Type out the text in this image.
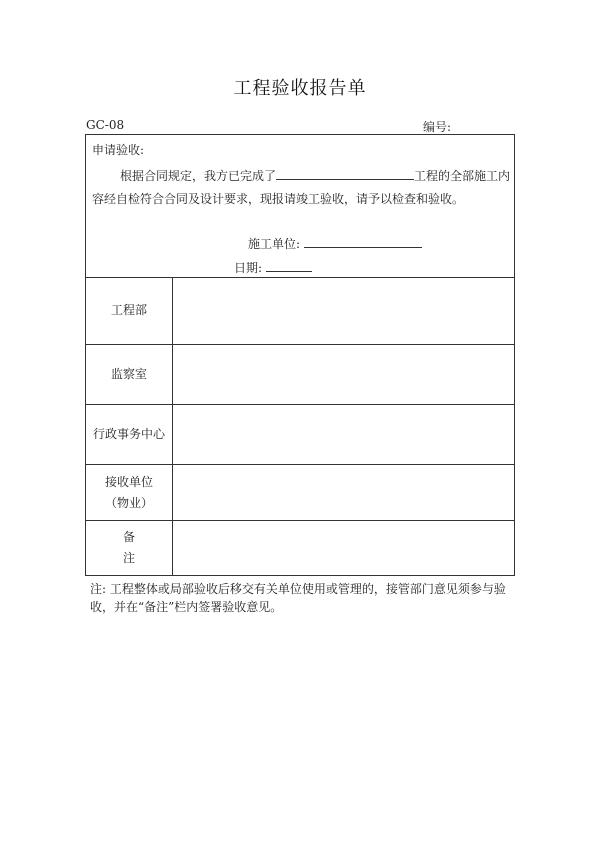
工程验收报告单
GC-08	编号:
申请验收:
根据合同规定，我方已完成了	工程的全部施工内容经自检符合合同及设计要求，现报请竣工验收，请予以检查和验收。
施工单位:
日期:
工程部
监察室
行政事务中心
接收单位
（物业）
备
注
注: 工程整体或局部验收后移交有关单位使用或管理的，接管部门意见须参与验收，并在“备注”栏内签署验收意见。
